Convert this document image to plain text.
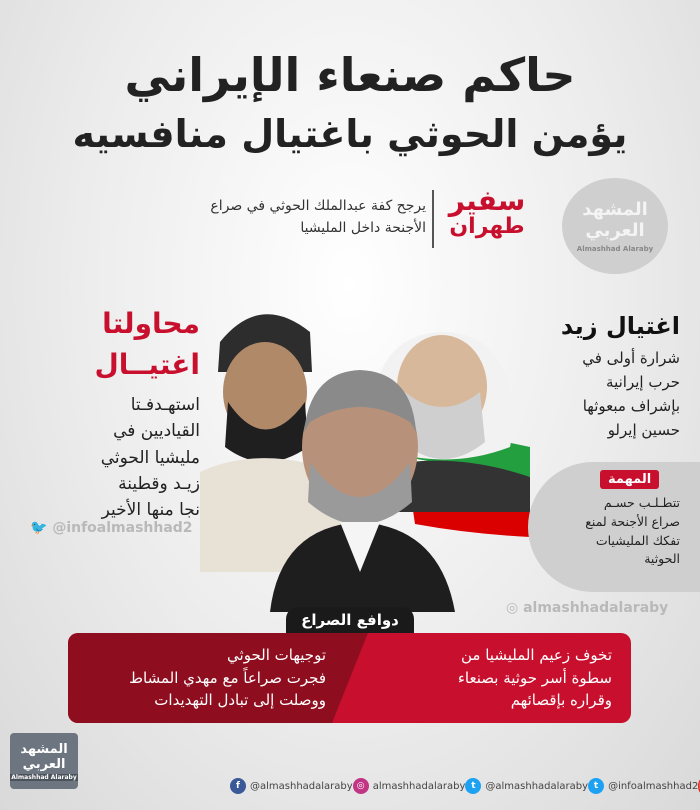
حاكم صنعاء الإيراني
يؤمن الحوثي باغتيال منافسيه
سفير
طهران
يرجح كفة عبدالملك الحوثي في صراع
الأجنحة داخل المليشيا
المشهد
العربي
Almashhad Alaraby
محاولتا
اغتيــال
استهـدفـتا
القياديين في
مليشيا الحوثي
زيـد وقطينة
نجا منها الأخير
🐦 @infoalmashhad2
اغتيال زيد
شرارة أولى في
حرب إيرانية
بإشراف مبعوثها
حسين إيرلو
المهمة
تتطـلـب حسـم
صراع الأجنحة لمنع
تفكك المليشيات
الحوثية
◎ almashhadalaraby
دوافع الصراع
تخوف زعيم المليشيا من
سطوة أسر حوثية بصنعاء
وقراره بإقصائهم
توجيهات الحوثي
فجرت صراعاً مع مهدي المشاط
ووصلت إلى تبادل التهديدات
المشهد
العربي
Almashhad Alaraby
f	@almashhadalaraby ◎ almashhadalaraby t @almashhadalaraby t @infoalmashhad2
